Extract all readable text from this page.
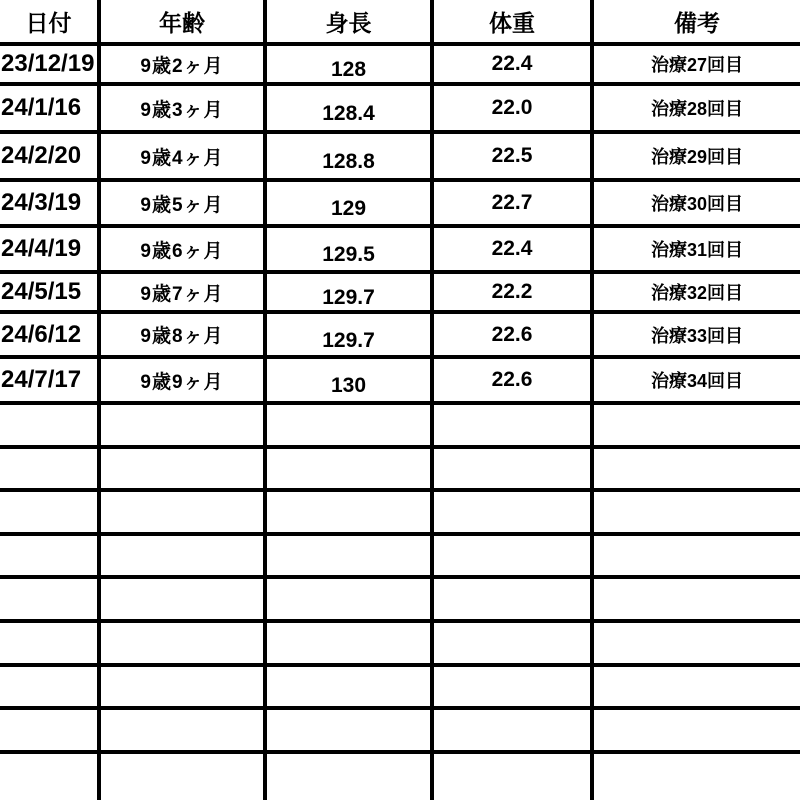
日付	年齢	身長	体重	備考
23/12/19	9歳2ヶ月	128	22.4	治療27回目
24/1/16	9歳3ヶ月	128.4	22.0	治療28回目
24/2/20	9歳4ヶ月	128.8	22.5	治療29回目
24/3/19	9歳5ヶ月	129	22.7	治療30回目
24/4/19	9歳6ヶ月	129.5	22.4	治療31回目
24/5/15	9歳7ヶ月	129.7	22.2	治療32回目
24/6/12	9歳8ヶ月	129.7	22.6	治療33回目
24/7/17	9歳9ヶ月	130	22.6	治療34回目
